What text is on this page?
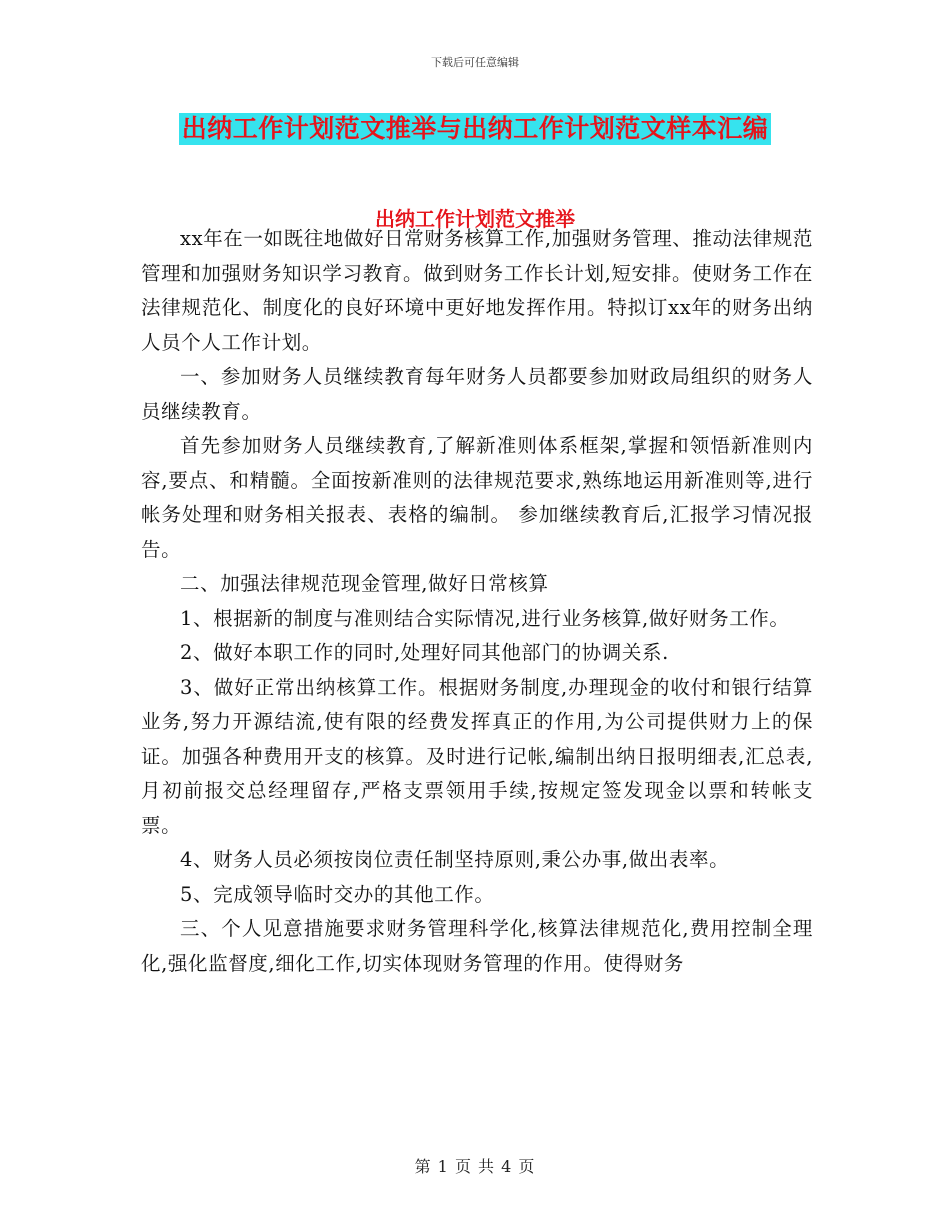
下载后可任意编辑
出纳工作计划范文推举与出纳工作计划范文样本汇编
出纳工作计划范文推举

xx年在一如既往地做好日常财务核算工作,加强财务管理、推动法律规范管理和加强财务知识学习教育。做到财务工作长计划,短安排。使财务工作在法律规范化、制度化的良好环境中更好地发挥作用。特拟订xx年的财务出纳人员个人工作计划。

一、参加财务人员继续教育每年财务人员都要参加财政局组织的财务人员继续教育。

首先参加财务人员继续教育,了解新准则体系框架,掌握和领悟新准则内容,要点、和精髓。全面按新准则的法律规范要求,熟练地运用新准则等,进行帐务处理和财务相关报表、表格的编制。 参加继续教育后,汇报学习情况报告。

二、加强法律规范现金管理,做好日常核算

1、根据新的制度与准则结合实际情况,进行业务核算,做好财务工作。

2、做好本职工作的同时,处理好同其他部门的协调关系.

3、做好正常出纳核算工作。根据财务制度,办理现金的收付和银行结算业务,努力开源结流,使有限的经费发挥真正的作用,为公司提供财力上的保证。加强各种费用开支的核算。及时进行记帐,编制出纳日报明细表,汇总表,月初前报交总经理留存,严格支票领用手续,按规定签发现金以票和转帐支票。

4、财务人员必须按岗位责任制坚持原则,秉公办事,做出表率。

5、完成领导临时交办的其他工作。

三、个人见意措施要求财务管理科学化,核算法律规范化,费用控制全理化,强化监督度,细化工作,切实体现财务管理的作用。使得财务

第 1 页 共 4 页
